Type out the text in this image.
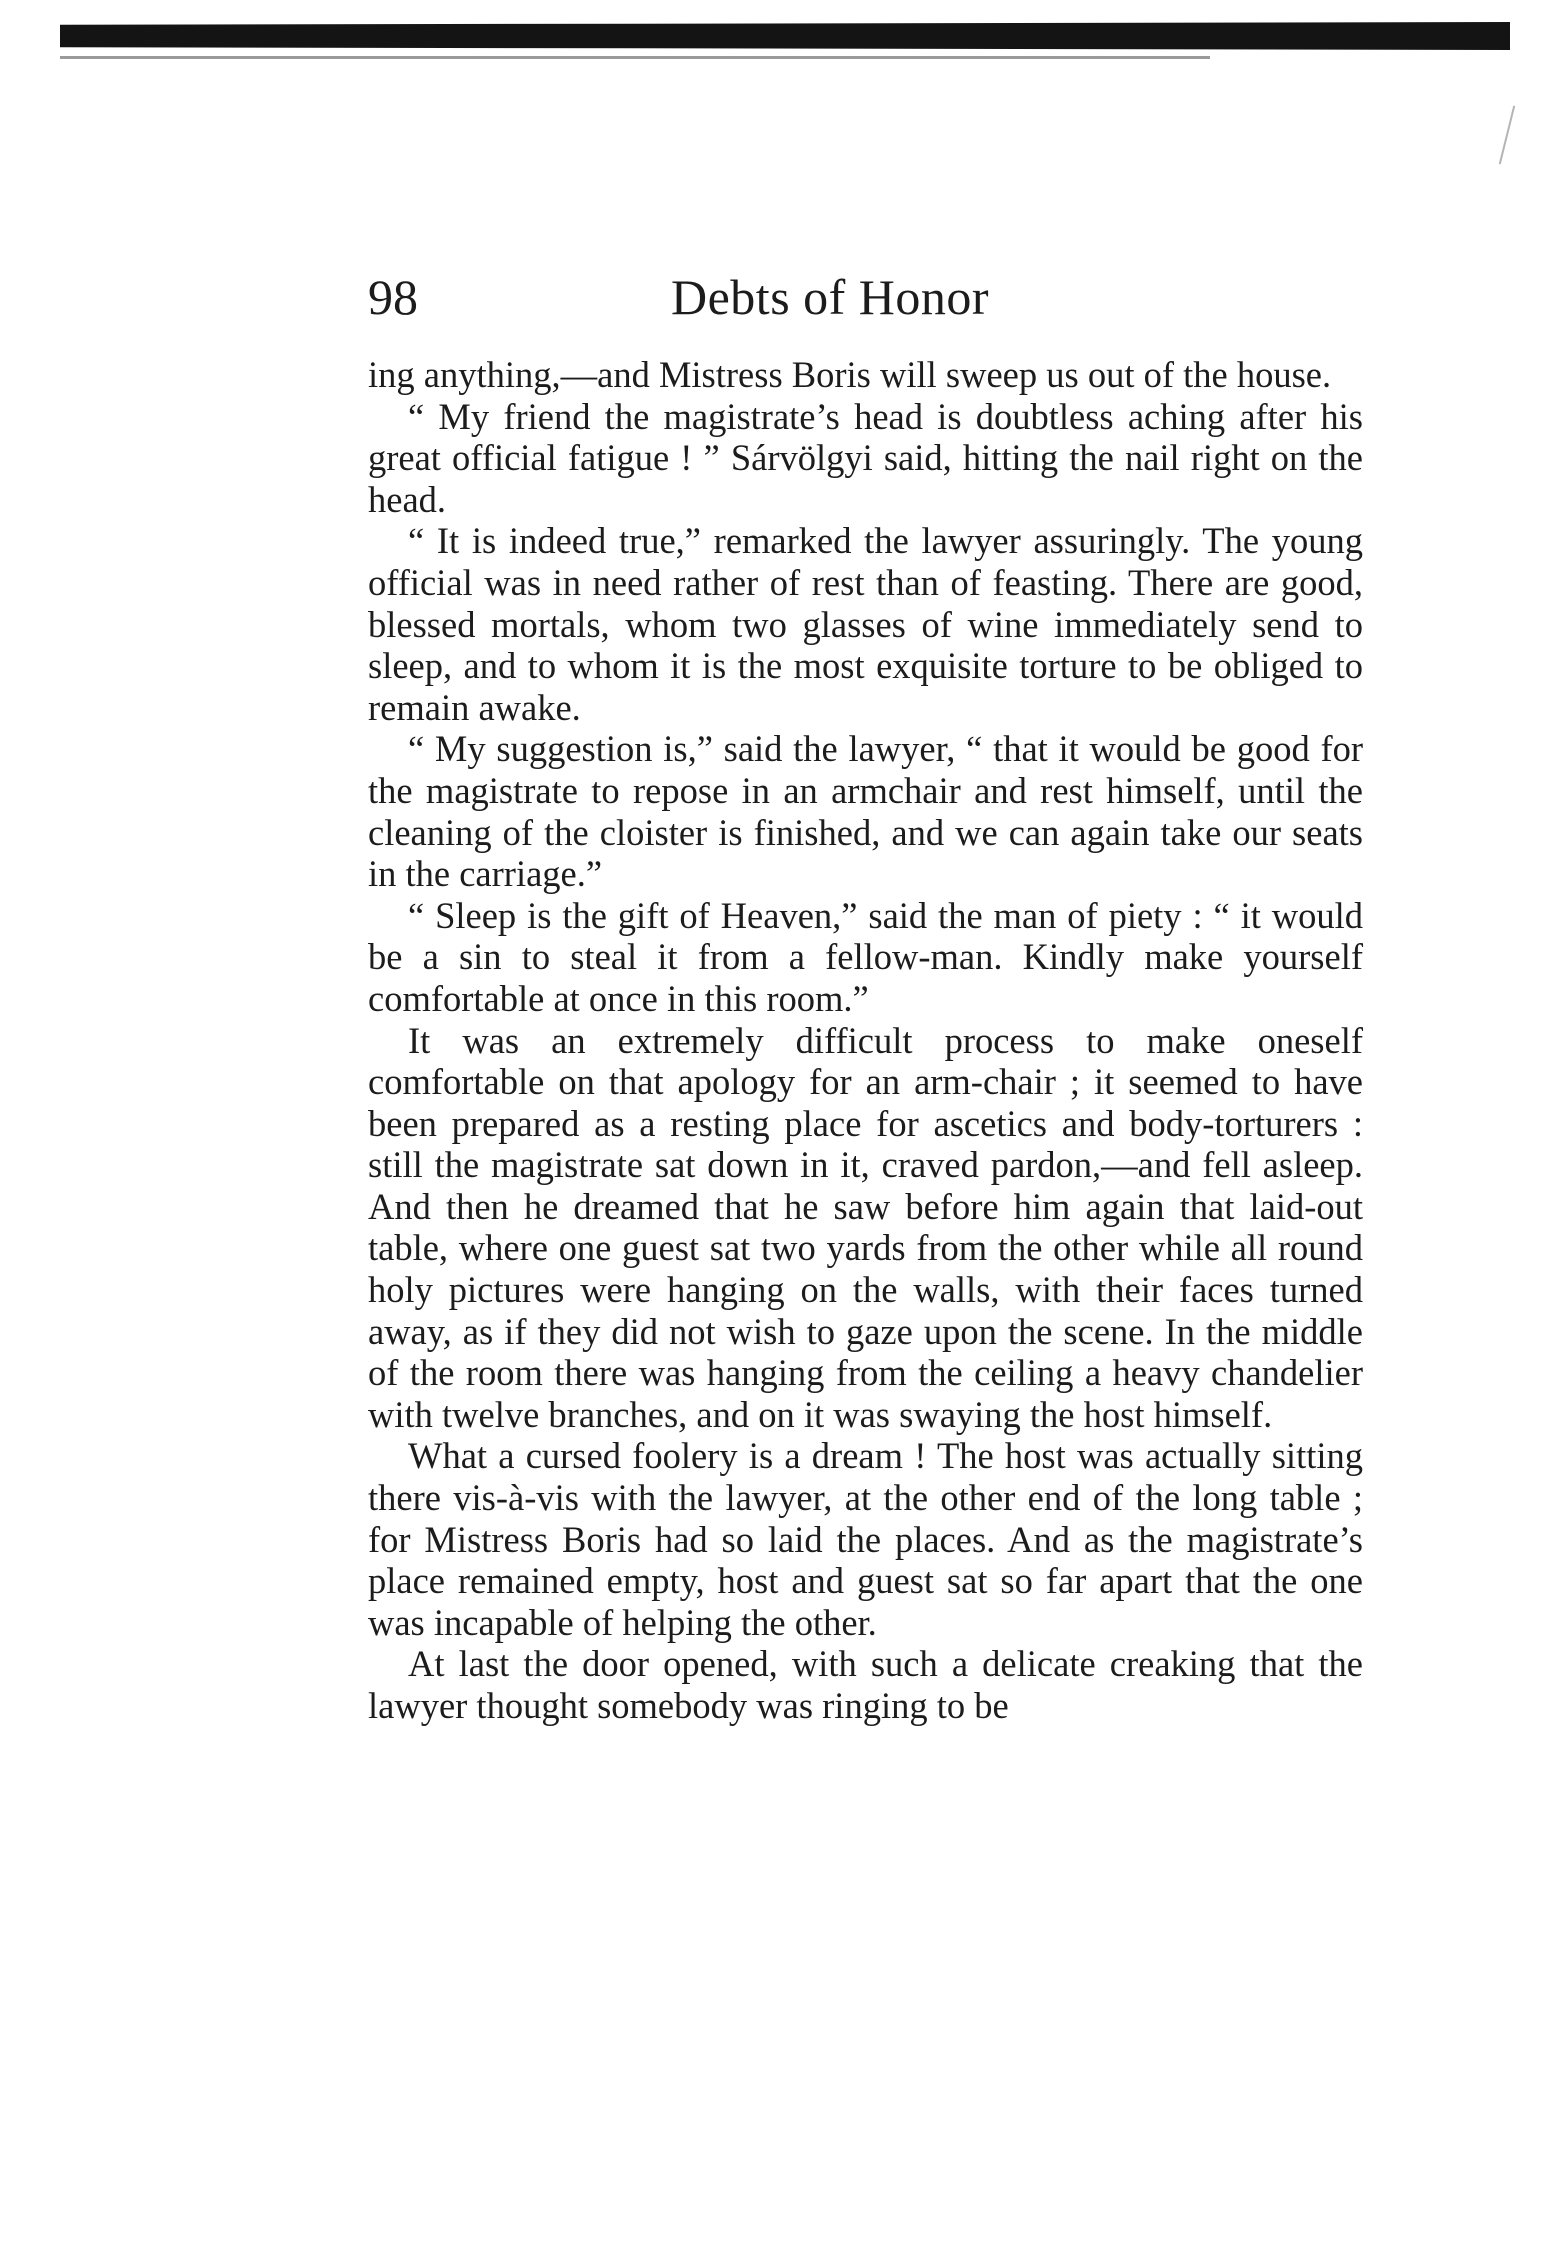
98	Debts of Honor

ing anything,—and Mistress Boris will sweep us out of the house.

“ My friend the magistrate’s head is doubtless aching after his great official fatigue ! ” Sárvölgyi said, hitting the nail right on the head.

“ It is indeed true,” remarked the lawyer assuringly. The young official was in need rather of rest than of feasting. There are good, blessed mortals, whom two glasses of wine immediately send to sleep, and to whom it is the most exquisite torture to be obliged to remain awake.

“ My suggestion is,” said the lawyer, “ that it would be good for the magistrate to repose in an armchair and rest himself, until the cleaning of the cloister is finished, and we can again take our seats in the carriage.”

“ Sleep is the gift of Heaven,” said the man of piety : “ it would be a sin to steal it from a fellow-man. Kindly make yourself comfortable at once in this room.”

It was an extremely difficult process to make oneself comfortable on that apology for an arm-chair ; it seemed to have been prepared as a resting place for ascetics and body-torturers : still the magistrate sat down in it, craved pardon,—and fell asleep. And then he dreamed that he saw before him again that laid-out table, where one guest sat two yards from the other while all round holy pictures were hanging on the walls, with their faces turned away, as if they did not wish to gaze upon the scene. In the middle of the room there was hanging from the ceiling a heavy chandelier with twelve branches, and on it was swaying the host himself.

What a cursed foolery is a dream ! The host was actually sitting there vis-à-vis with the lawyer, at the other end of the long table ; for Mistress Boris had so laid the places. And as the magistrate’s place remained empty, host and guest sat so far apart that the one was incapable of helping the other.

At last the door opened, with such a delicate creaking that the lawyer thought somebody was ringing to be
